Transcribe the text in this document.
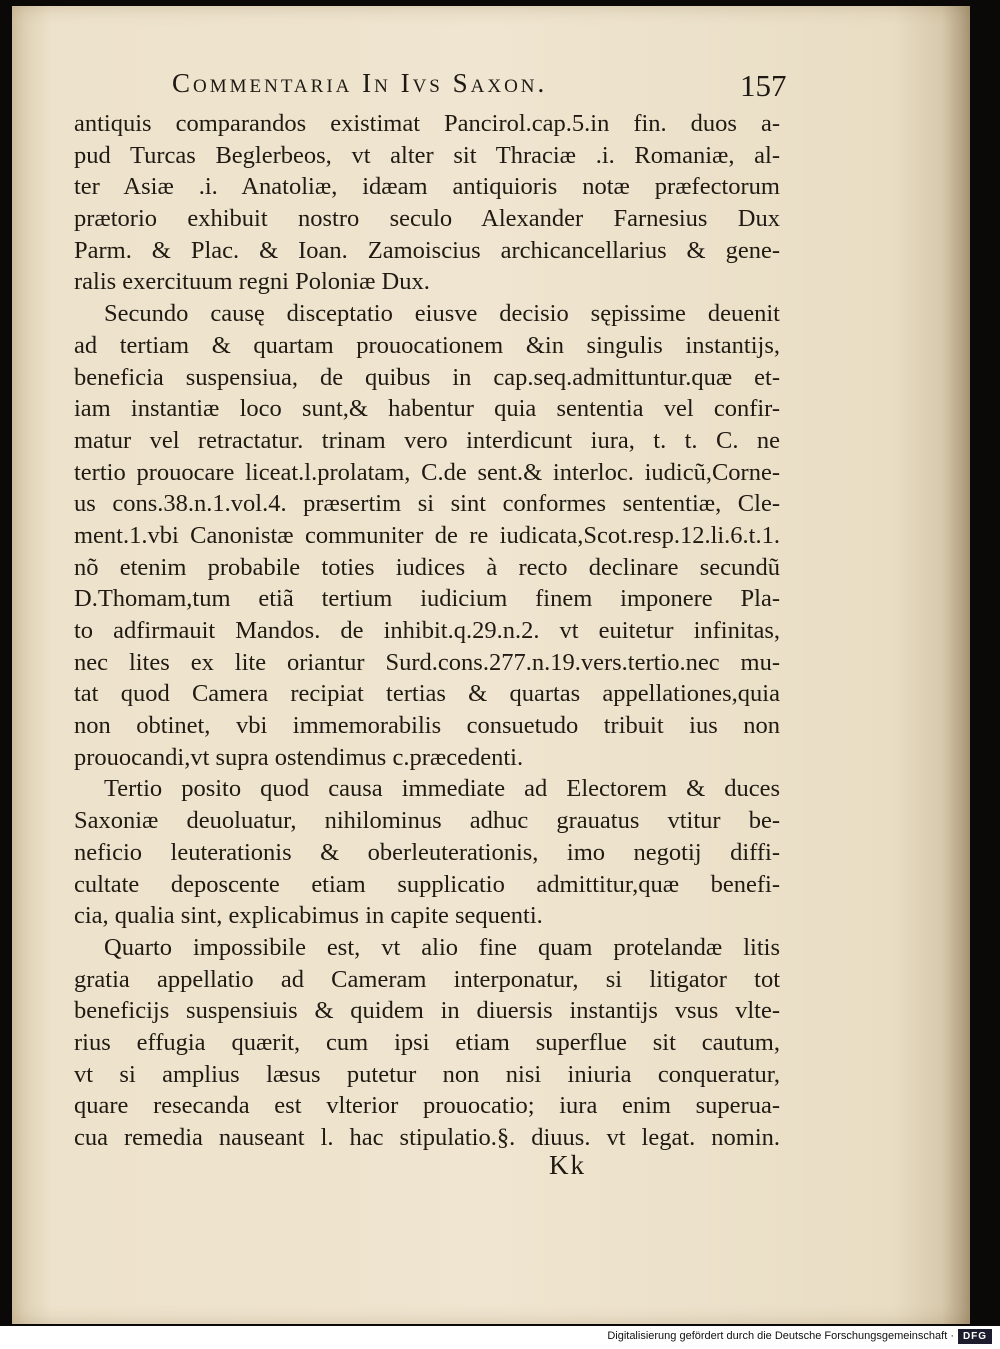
Commentaria In Ivs Saxon.	157
antiquis comparandos existimat Pancirol.cap.5.in fin. duos a-
pud Turcas Beglerbeos, vt alter sit Thraciæ .i. Romaniæ, al-
ter Asiæ .i. Anatoliæ, idæam antiquioris notæ præfectorum
prætorio exhibuit nostro seculo Alexander Farnesius Dux
Parm. & Plac. & Ioan. Zamoiscius archicancellarius & gene-
ralis exercituum regni Poloniæ Dux.
Secundo causę disceptatio eiusve decisio sępissime deuenit
ad tertiam & quartam prouocationem &in singulis instantijs,
beneficia suspensiua, de quibus in cap.seq.admittuntur.quæ et-
iam instantiæ loco sunt,& habentur quia sententia vel confir-
matur vel retractatur. trinam vero interdicunt iura, t. t. C. ne
tertio prouocare liceat.l.prolatam, C.de sent.& interloc. iudicũ,Corne-
us cons.38.n.1.vol.4. præsertim si sint conformes sententiæ, Cle-
ment.1.vbi Canonistæ communiter de re iudicata,Scot.resp.12.li.6.t.1.
nõ etenim probabile toties iudices à recto declinare secundũ
D.Thomam,tum etiã tertium iudicium finem imponere Pla-
to adfirmauit Mandos. de inhibit.q.29.n.2. vt euitetur infinitas,
nec lites ex lite oriantur Surd.cons.277.n.19.vers.tertio.nec mu-
tat quod Camera recipiat tertias & quartas appellationes,quia
non obtinet, vbi immemorabilis consuetudo tribuit ius non
prouocandi,vt supra ostendimus c.præcedenti.
Tertio posito quod causa immediate ad Electorem & duces
Saxoniæ deuoluatur, nihilominus adhuc grauatus vtitur be-
neficio leuterationis & oberleuterationis, imo negotij diffi-
cultate deposcente etiam supplicatio admittitur,quæ benefi-
cia, qualia sint, explicabimus in capite sequenti.
Quarto impossibile est, vt alio fine quam protelandæ litis
gratia appellatio ad Cameram interponatur, si litigator tot
beneficijs suspensiuis & quidem in diuersis instantijs vsus vlte-
rius effugia quærit, cum ipsi etiam superflue sit cautum,
vt si amplius læsus putetur non nisi iniuria conqueratur,
quare resecanda est vlterior prouocatio; iura enim superua-
cua remedia nauseant l. hac stipulatio.§. diuus. vt legat. nomin.
Kk
Digitalisierung gefördert durch die Deutsche Forschungsgemeinschaft · DFG
